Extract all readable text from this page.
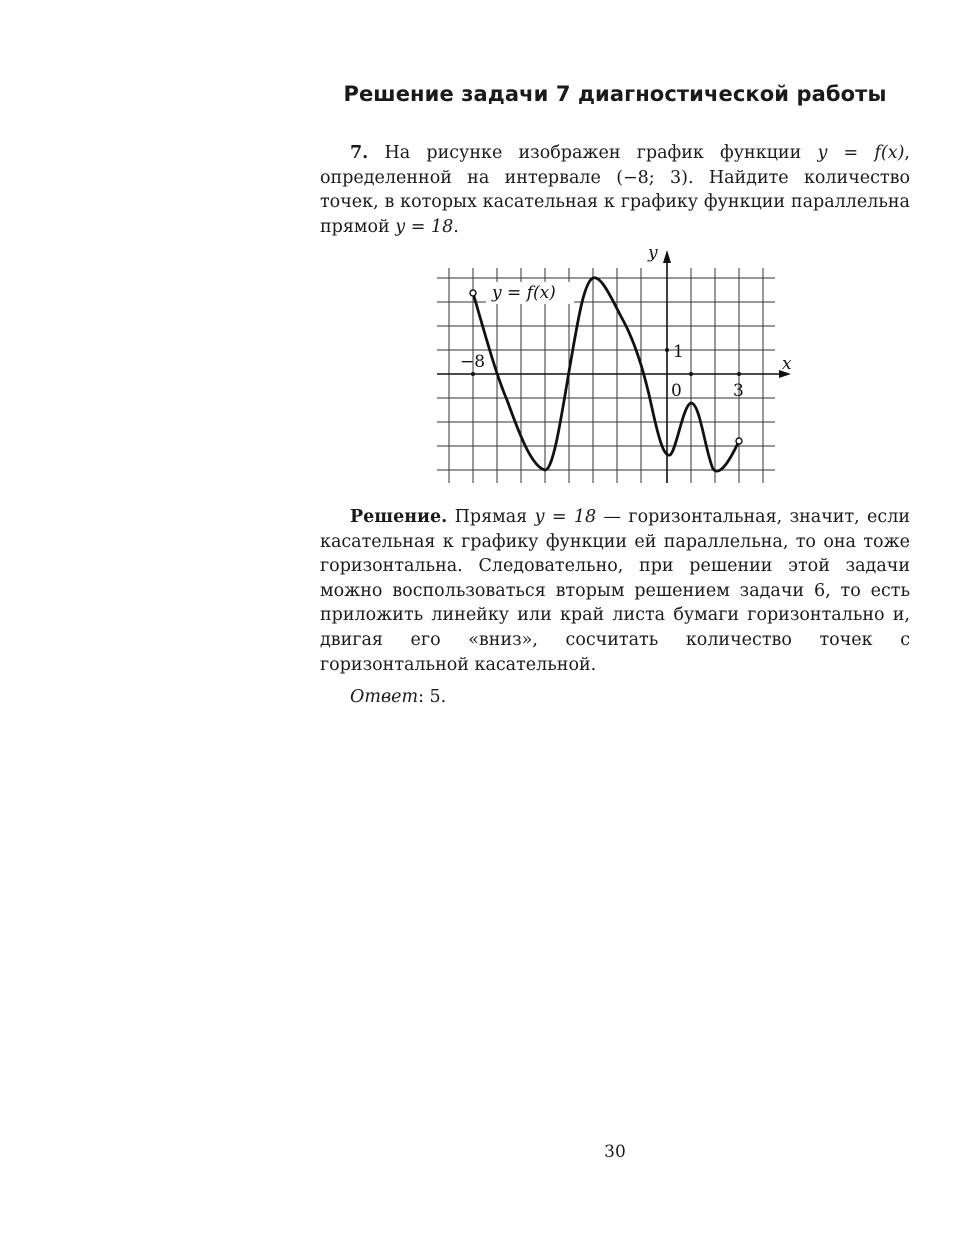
Решение задачи 7 диагностической работы
7. На рисунке изображен график функции y = f(x), определенной на интервале (−8; 3). Найдите количество точек, в которых касательная к графику функции параллельна прямой y = 18.
y = f(x)
x
y
−8
3
0
1
Решение. Прямая y = 18 — горизонтальная, значит, если касательная к графику функции ей параллельна, то она тоже горизонтальна. Следовательно, при решении этой задачи можно воспользоваться вторым решением задачи 6, то есть приложить линейку или край листа бумаги горизонтально и, двигая его «вниз», сосчитать количество точек с горизонтальной касательной.
Ответ: 5.
30
